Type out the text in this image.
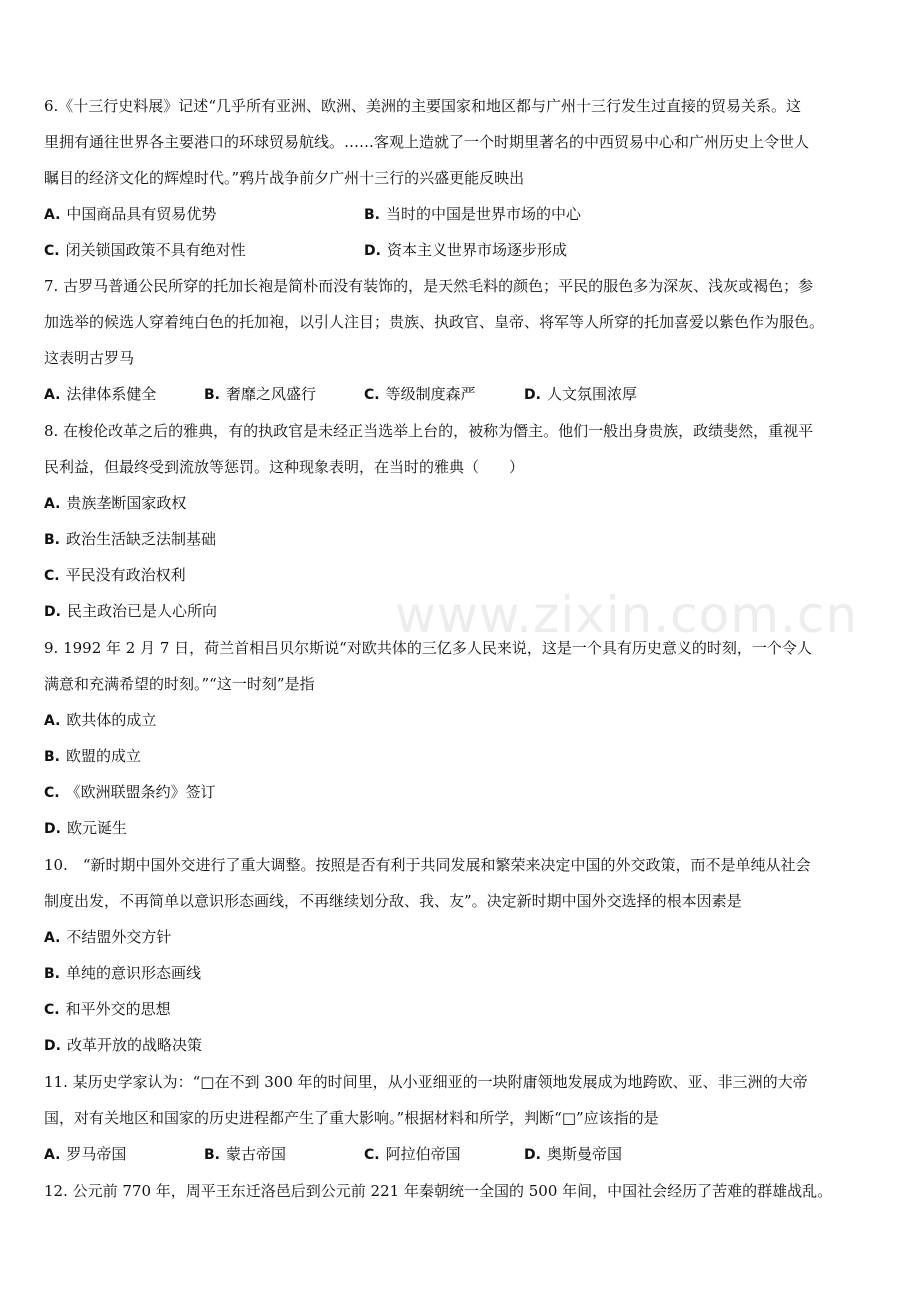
www.zixin.com.cn
6.《十三行史料展》记述“几乎所有亚洲、欧洲、美洲的主要国家和地区都与广州十三行发生过直接的贸易关系。这
里拥有通往世界各主要港口的环球贸易航线。……客观上造就了一个时期里著名的中西贸易中心和广州历史上令世人
瞩目的经济文化的辉煌时代。”鸦片战争前夕广州十三行的兴盛更能反映出
A. 中国商品具有贸易优势	B. 当时的中国是世界市场的中心
C. 闭关锁国政策不具有绝对性	D. 资本主义世界市场逐步形成
7. 古罗马普通公民所穿的托加长袍是简朴而没有装饰的，是天然毛料的颜色；平民的服色多为深灰、浅灰或褐色；参
加选举的候选人穿着纯白色的托加袍，以引人注目；贵族、执政官、皇帝、将军等人所穿的托加喜爱以紫色作为服色。
这表明古罗马
A. 法律体系健全	B. 奢靡之风盛行	C. 等级制度森严	D. 人文氛围浓厚
8. 在梭伦改革之后的雅典，有的执政官是未经正当选举上台的，被称为僭主。他们一般出身贵族，政绩斐然，重视平
民利益，但最终受到流放等惩罚。这种现象表明，在当时的雅典（　　）
A. 贵族垄断国家政权
B. 政治生活缺乏法制基础
C. 平民没有政治权利
D. 民主政治已是人心所向
9. 1992 年 2 月 7 日，荷兰首相吕贝尔斯说“对欧共体的三亿多人民来说，这是一个具有历史意义的时刻，一个令人
满意和充满希望的时刻。”“这一时刻”是指
A. 欧共体的成立
B. 欧盟的成立
C. 《欧洲联盟条约》签订
D. 欧元诞生
10.　“新时期中国外交进行了重大调整。按照是否有利于共同发展和繁荣来决定中国的外交政策，而不是单纯从社会
制度出发，不再简单以意识形态画线，不再继续划分敌、我、友”。决定新时期中国外交选择的根本因素是
A. 不结盟外交方针
B. 单纯的意识形态画线
C. 和平外交的思想
D. 改革开放的战略决策
11. 某历史学家认为：“□在不到 300 年的时间里，从小亚细亚的一块附庸领地发展成为地跨欧、亚、非三洲的大帝
国，对有关地区和国家的历史进程都产生了重大影响。”根据材料和所学，判断“□”应该指的是
A. 罗马帝国	B. 蒙古帝国	C. 阿拉伯帝国	D. 奥斯曼帝国
12. 公元前 770 年，周平王东迁洛邑后到公元前 221 年秦朝统一全国的 500 年间，中国社会经历了苦难的群雄战乱。
